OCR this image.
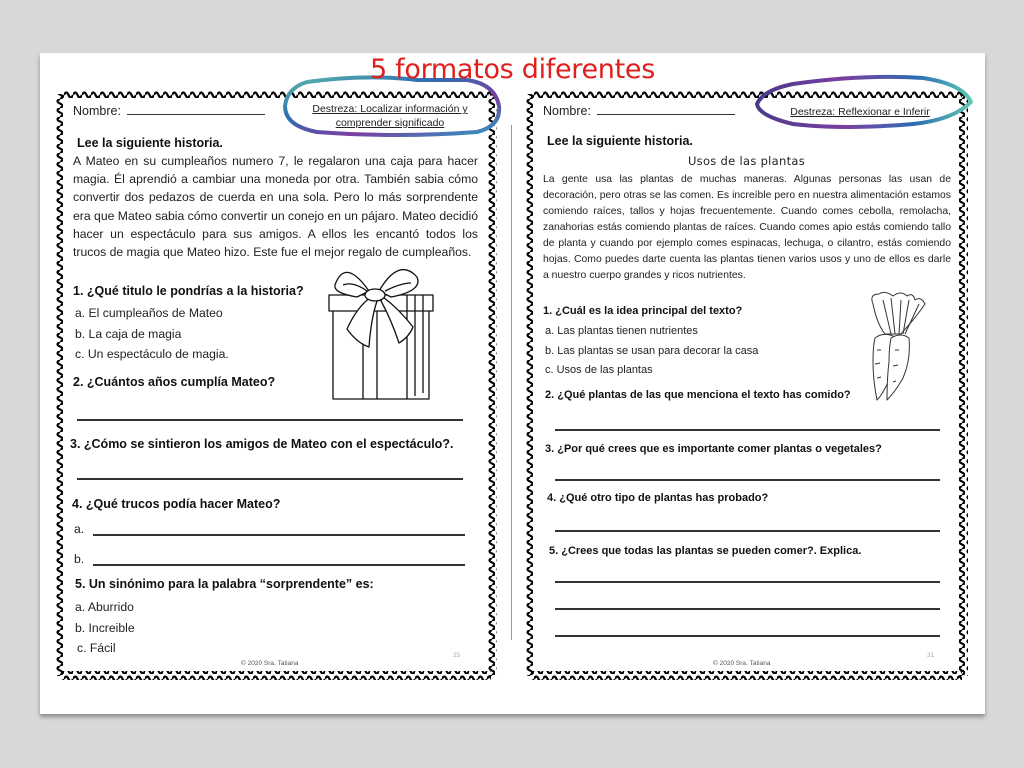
5 formatos diferentes
Nombre:	Destreza: Localizar información y
comprender significado
Lee la siguiente historia.
A Mateo en su cumpleaños numero 7, le regalaron una caja para hacer magia. Él aprendió a cambiar una moneda por otra. También sabia cómo convertir dos pedazos de cuerda en una sola. Pero lo más sorprendente era que Mateo sabia cómo convertir un conejo en un pájaro. Mateo decidió hacer un espectáculo para sus amigos. A ellos les encantó todos los trucos de magia que Mateo hizo. Este fue el mejor regalo de cumpleaños.
1. ¿Qué titulo le pondrías a la historia?
a. El cumpleaños de Mateo
b. La caja de magia
c. Un espectáculo de magia.
2. ¿Cuántos años cumplía Mateo?
3. ¿Cómo se sintieron los amigos de Mateo con el espectáculo?.
4. ¿Qué trucos podía hacer Mateo?
a.
b.
5. Un sinónimo para la palabra “sorprendente” es:
a. Aburrido
b. Increible
c. Fácil
25
© 2020 Sra. Tatiana
Nombre:	Destreza: Reflexionar e Inferir
Lee la siguiente historia.
Usos de las plantas
La gente usa las plantas de muchas maneras. Algunas personas las usan de decoración, pero otras se las comen. Es increíble pero en nuestra alimentación estamos comiendo raíces, tallos y hojas frecuentemente. Cuando comes cebolla, remolacha, zanahorias estás comiendo plantas de raíces. Cuando comes apio estás comiendo tallo de planta y cuando por ejemplo comes espinacas, lechuga, o cilantro, estás comiendo hojas. Como puedes darte cuenta las plantas tienen varios usos y uno de ellos es darle a nuestro cuerpo grandes y ricos nutrientes.
1. ¿Cuál es la idea principal del texto?
a. Las plantas tienen nutrientes
b. Las plantas se usan para decorar la casa
c. Usos de las plantas
2. ¿Qué plantas de las que menciona el texto has comido?
3. ¿Por qué crees que es importante comer plantas o vegetales?
4. ¿Qué otro tipo de plantas has probado?
5. ¿Crees que todas las plantas se pueden comer?. Explica.
31
© 2020 Sra. Tatiana
